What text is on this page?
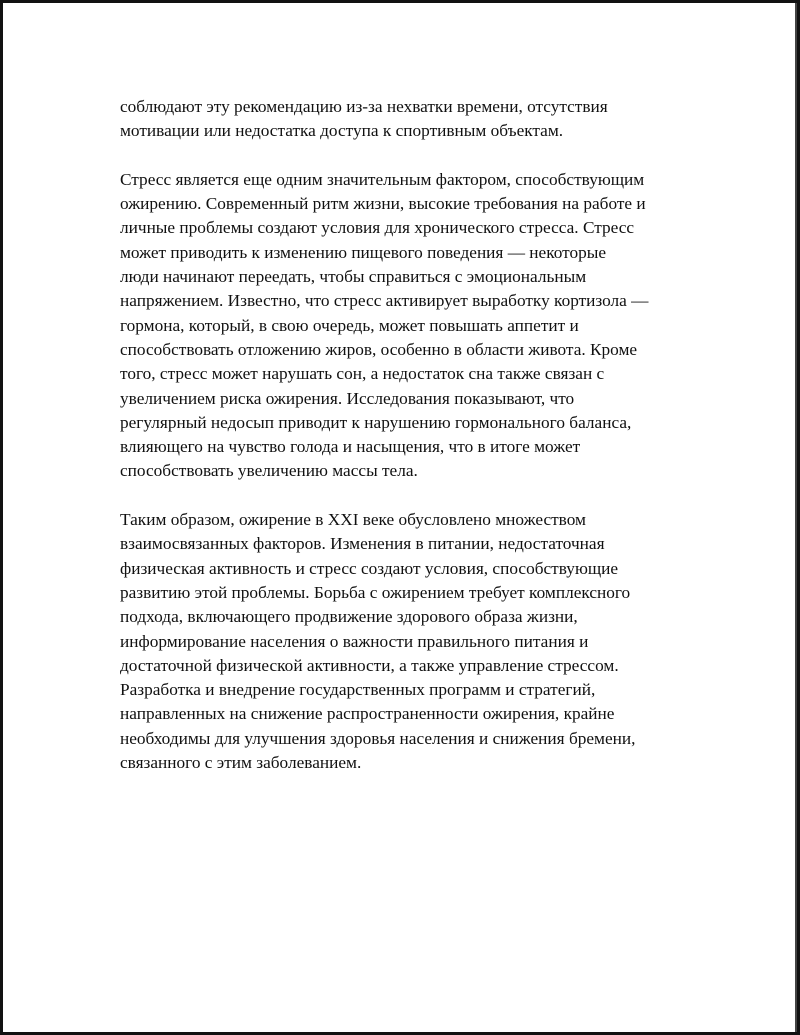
соблюдают эту рекомендацию из-за нехватки времени, отсутствия
мотивации или недостатка доступа к спортивным объектам.

Стресс является еще одним значительным фактором, способствующим
ожирению. Современный ритм жизни, высокие требования на работе и
личные проблемы создают условия для хронического стресса. Стресс
может приводить к изменению пищевого поведения — некоторые
люди начинают переедать, чтобы справиться с эмоциональным
напряжением. Известно, что стресс активирует выработку кортизола —
гормона, который, в свою очередь, может повышать аппетит и
способствовать отложению жиров, особенно в области живота. Кроме
того, стресс может нарушать сон, а недостаток сна также связан с
увеличением риска ожирения. Исследования показывают, что
регулярный недосып приводит к нарушению гормонального баланса,
влияющего на чувство голода и насыщения, что в итоге может
способствовать увеличению массы тела.

Таким образом, ожирение в XXI веке обусловлено множеством
взаимосвязанных факторов. Изменения в питании, недостаточная
физическая активность и стресс создают условия, способствующие
развитию этой проблемы. Борьба с ожирением требует комплексного
подхода, включающего продвижение здорового образа жизни,
информирование населения о важности правильного питания и
достаточной физической активности, а также управление стрессом.
Разработка и внедрение государственных программ и стратегий,
направленных на снижение распространенности ожирения, крайне
необходимы для улучшения здоровья населения и снижения бремени,
связанного с этим заболеванием.
